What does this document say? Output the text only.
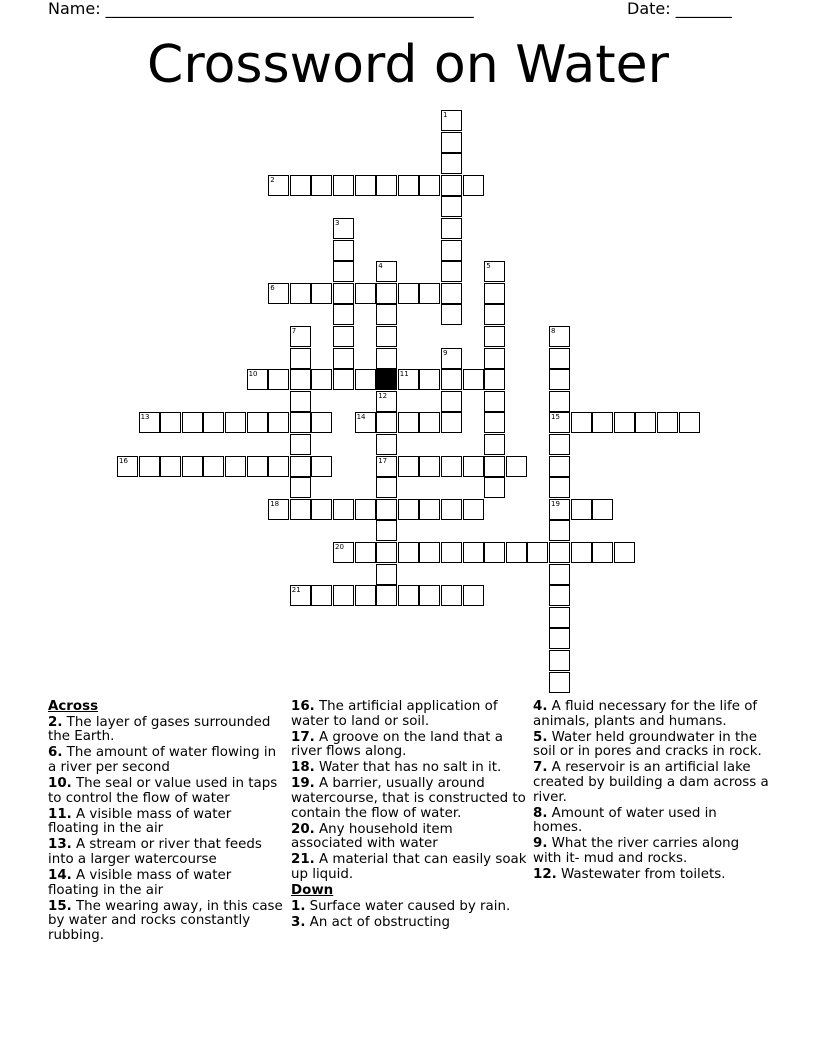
Name: ______________________________________________	Date: _______
Crossword on Water
1
2
3
4	5
6
7	8
15
19
9
10	11
12
17
13	14
16
18
20
21
Across
2. The layer of gases surrounded the Earth.
6. The amount of water flowing in a river per second
10. The seal or value used in taps to control the flow of water
11. A visible mass of water floating in the air
13. A stream or river that feeds into a larger watercourse
14. A visible mass of water floating in the air
15. The wearing away, in this case by water and rocks constantly rubbing.
16. The artificial application of water to land or soil.
17. A groove on the land that a river flows along.
18. Water that has no salt in it.
19. A barrier, usually around watercourse, that is constructed to contain the flow of water.
20. Any household item associated with water
21. A material that can easily soak up liquid.
Down
1. Surface water caused by rain.
3. An act of obstructing
4. A fluid necessary for the life of animals, plants and humans.
5. Water held groundwater in the soil or in pores and cracks in rock.
7. A reservoir is an artificial lake created by building a dam across a river.
8. Amount of water used in homes.
9. What the river carries along with it- mud and rocks.
12. Wastewater from toilets.
